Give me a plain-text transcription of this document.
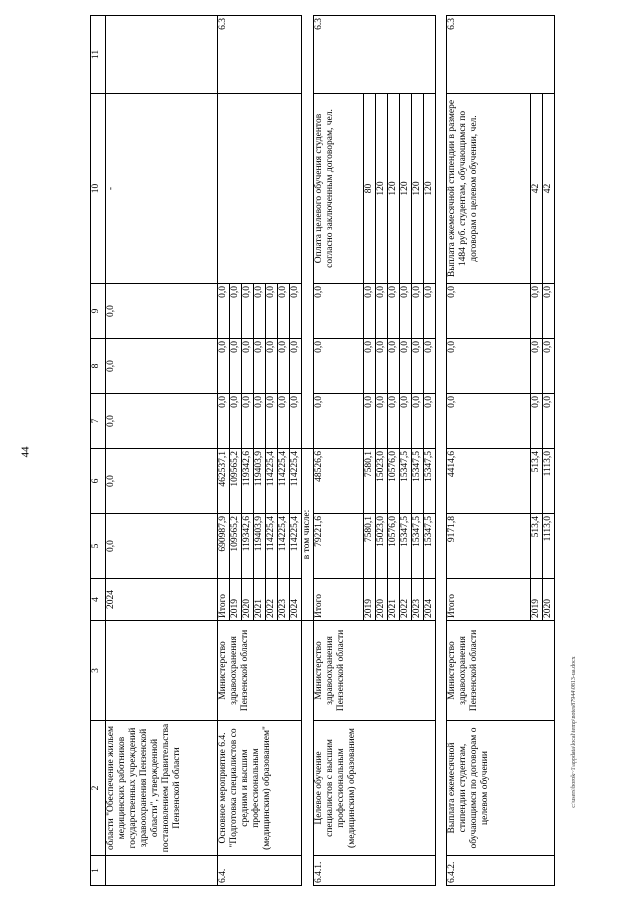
44
1	2	3	4	5	6	7	8	9	10	11
	области "Обеспечение жильем медицинских работников государственных учреждений здравоохранения Пензенской области", утвержденной постановлением Правительства Пензенской области		2024	0,0	0,0	0,0	0,0	0,0	-	
6.4.	Основное мероприятие 6.4. "Подготовка специалистов со средним и высшим профессиональным (медицинским) образованием"	Министерство здравоохранения Пензенской области	Итого	690987,9	462537,1	0,0	0,0	0,0		6.3
			2019	109565,2	109565,2	0,0	0,0	0,0		
			2020	119342,6	119342,6	0,0	0,0	0,0		
			2021	119403,9	119403,9	0,0	0,0	0,0		
			2022	114225,4	114225,4	0,0	0,0	0,0		
			2023	114225,4	114225,4	0,0	0,0	0,0		
			2024	114225,4	114225,4	0,0	0,0	0,0		
			в том числе:							
6.4.1.	Целевое обучение специалистов с высшим профессиональным (медицинским) образованием	Министерство здравоохранения Пензенской области	Итого	79221,6	48526,6	0,0	0,0	0,0	Оплата целевого обучения студентов согласно заключенным договорам, чел.	6.3
			2019	7580,1	7580,1	0,0	0,0	0,0	80	
			2020	15023,0	15023,0	0,0	0,0	0,0	120	
			2021	10576,0	10576,0	0,0	0,0	0,0	120	
			2022	15347,5	15347,5	0,0	0,0	0,0	120	
			2023	15347,5	15347,5	0,0	0,0	0,0	120	
			2024	15347,5	15347,5	0,0	0,0	0,0	120	

6.4.2.	Выплата ежемесячной стипендии студентам, обучающимся по договорам о целевом обучении	Министерство здравоохранения Пензенской области	Итого	9171,8	4414,6	0,0	0,0	0,0	Выплата ежемесячной стипендии в размере 1484 руб. студентам, обучающимся по договорам о целевом обучении, чел.	6.3
			2019	513,4	513,4	0,0	0,0	0,0	42	
			2020	1113,0	1113,0	0,0	0,0	0,0	42	
c:\users\borok~1\appdata\local\temp\notes87944\0813-ua.docx
